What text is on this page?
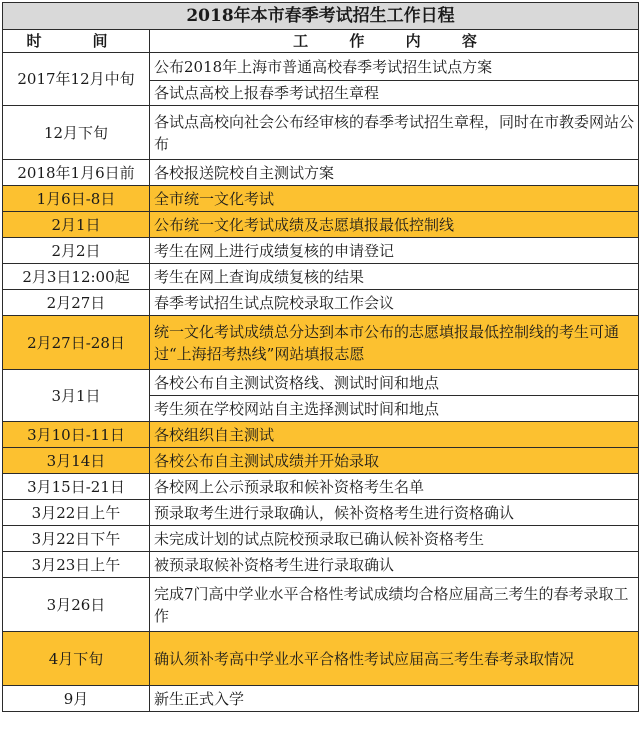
2018年本市春季考试招生工作日程	
时　间	工 作 内 容
2017年12月中旬	公布2018年上海市普通高校春季考试招生试点方案
	各试点高校上报春季考试招生章程
12月下旬	各试点高校向社会公布经审核的春季考试招生章程，同时在市教委网站公布
2018年1月6日前	各校报送院校自主测试方案
1月6日-8日	全市统一文化考试
2月1日	公布统一文化考试成绩及志愿填报最低控制线
2月2日	考生在网上进行成绩复核的申请登记
2月3日12:00起	考生在网上查询成绩复核的结果
2月27日	春季考试招生试点院校录取工作会议
2月27日-28日	统一文化考试成绩总分达到本市公布的志愿填报最低控制线的考生可通过“上海招考热线”网站填报志愿
3月1日	各校公布自主测试资格线、测试时间和地点
	考生须在学校网站自主选择测试时间和地点
3月10日-11日	各校组织自主测试
3月14日	各校公布自主测试成绩并开始录取
3月15日-21日	各校网上公示预录取和候补资格考生名单
3月22日上午	预录取考生进行录取确认，候补资格考生进行资格确认
3月22日下午	未完成计划的试点院校预录取已确认候补资格考生
3月23日上午	被预录取候补资格考生进行录取确认
3月26日	完成7门高中学业水平合格性考试成绩均合格应届高三考生的春考录取工作
4月下旬	确认须补考高中学业水平合格性考试应届高三考生春考录取情况
9月	新生正式入学
